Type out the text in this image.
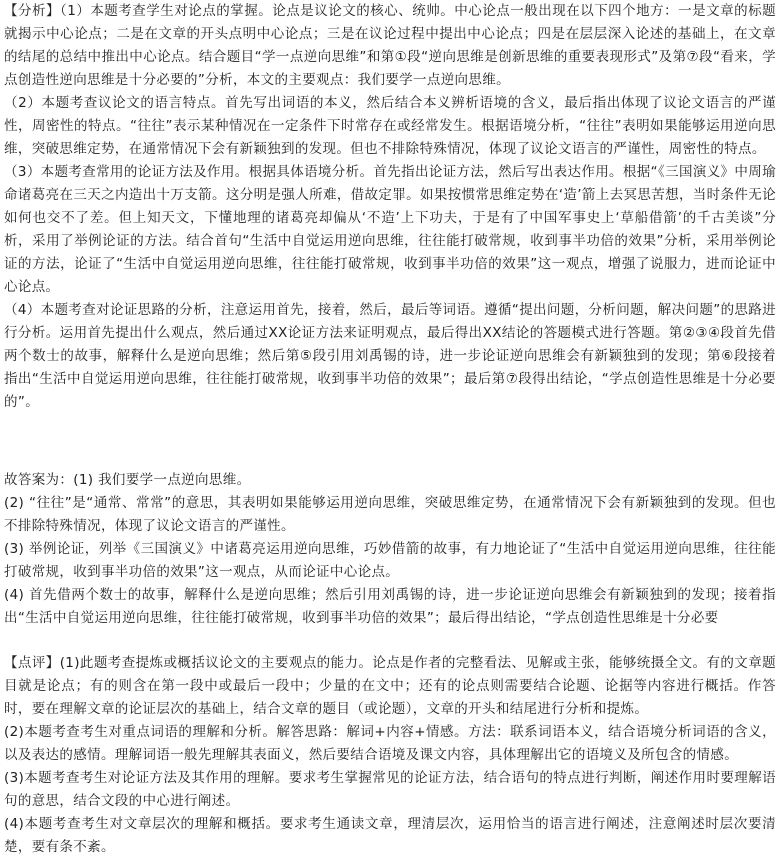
【分析】（1）本题考查学生对论点的掌握。论点是议论文的核心、统帅。中心论点一般出现在以下四个地方：一是文章的标题就揭示中心论点；二是在文章的开头点明中心论点；三是在议论过程中提出中心论点；四是在层层深入论述的基础上，在文章的结尾的总结中推出中心论点。结合题目“学一点逆向思维”和第①段“逆向思维是创新思维的重要表现形式”及第⑦段“看来，学点创造性逆向思维是十分必要的”分析，本文的主要观点：我们要学一点逆向思维。

（2）本题考查议论文的语言特点。首先写出词语的本义，然后结合本义辨析语境的含义，最后指出体现了议论文语言的严谨性，周密性的特点。“往往”表示某种情况在一定条件下时常存在或经常发生。根据语境分析，“往往”表明如果能够运用逆向思维，突破思维定势，在通常情况下会有新颖独到的发现。但也不排除特殊情况，体现了议论文语言的严谨性，周密性的特点。

（3）本题考查常用的论证方法及作用。根据具体语境分析。首先指出论证方法，然后写出表达作用。根据“《三国演义》中周瑜命诸葛亮在三天之内造出十万支箭。这分明是强人所难，借故定罪。如果按惯常思维定势在‘造’箭上去冥思苦想，当时条件无论如何也交不了差。但上知天文，下懂地理的诸葛亮却偏从‘不造’上下功夫，于是有了中国军事史上‘草船借箭’的千古美谈”分析，采用了举例论证的方法。结合首句“生活中自觉运用逆向思维，往往能打破常规，收到事半功倍的效果”分析，采用举例论证的方法，论证了“生活中自觉运用逆向思维，往往能打破常规，收到事半功倍的效果”这一观点，增强了说服力，进而论证中心论点。

（4）本题考查对论证思路的分析，注意运用首先，接着，然后，最后等词语。遵循“提出问题，分析问题，解决问题”的思路进行分析。运用首先提出什么观点，然后通过XX论证方法来证明观点，最后得出XX结论的答题模式进行答题。第②③④段首先借两个数士的故事，解释什么是逆向思维；然后第⑤段引用刘禹锡的诗，进一步论证逆向思维会有新颖独到的发现；第⑥段接着指出“生活中自觉运用逆向思维，往往能打破常规，收到事半功倍的效果”；最后第⑦段得出结论，“学点创造性思维是十分必要的”。

故答案为：(1) 我们要学一点逆向思维。

(2) “往往”是“通常、常常”的意思，其表明如果能够运用逆向思维，突破思维定势，在通常情况下会有新颖独到的发现。但也不排除特殊情况，体现了议论文语言的严谨性。

(3) 举例论证，列举《三国演义》中诸葛亮运用逆向思维，巧妙借箭的故事，有力地论证了“生活中自觉运用逆向思维，往往能打破常规，收到事半功倍的效果”这一观点，从而论证中心论点。

(4) 首先借两个数士的故事，解释什么是逆向思维；然后引用刘禹锡的诗，进一步论证逆向思维会有新颖独到的发现；接着指出“生活中自觉运用逆向思维，往往能打破常规，收到事半功倍的效果”；最后得出结论，“学点创造性思维是十分必要

【点评】(1)此题考查提炼或概括议论文的主要观点的能力。论点是作者的完整看法、见解或主张，能够统摄全文。有的文章题目就是论点；有的则含在第一段中或最后一段中；少量的在文中；还有的论点则需要结合论题、论据等内容进行概括。作答时，要在理解文章的论证层次的基础上，结合文章的题目（或论题），文章的开头和结尾进行分析和提炼。

(2)本题考查考生对重点词语的理解和分析。解答思路：解词+内容+情感。方法：联系词语本义，结合语境分析词语的含义，以及表达的感情。理解词语一般先理解其表面义，然后要结合语境及课文内容，具体理解出它的语境义及所包含的情感。

(3)本题考查考生对论证方法及其作用的理解。要求考生掌握常见的论证方法，结合语句的特点进行判断，阐述作用时要理解语句的意思，结合文段的中心进行阐述。

(4)本题考查考生对文章层次的理解和概括。要求考生通读文章，理清层次，运用恰当的语言进行阐述，注意阐述时层次要清楚，要有条不紊。
